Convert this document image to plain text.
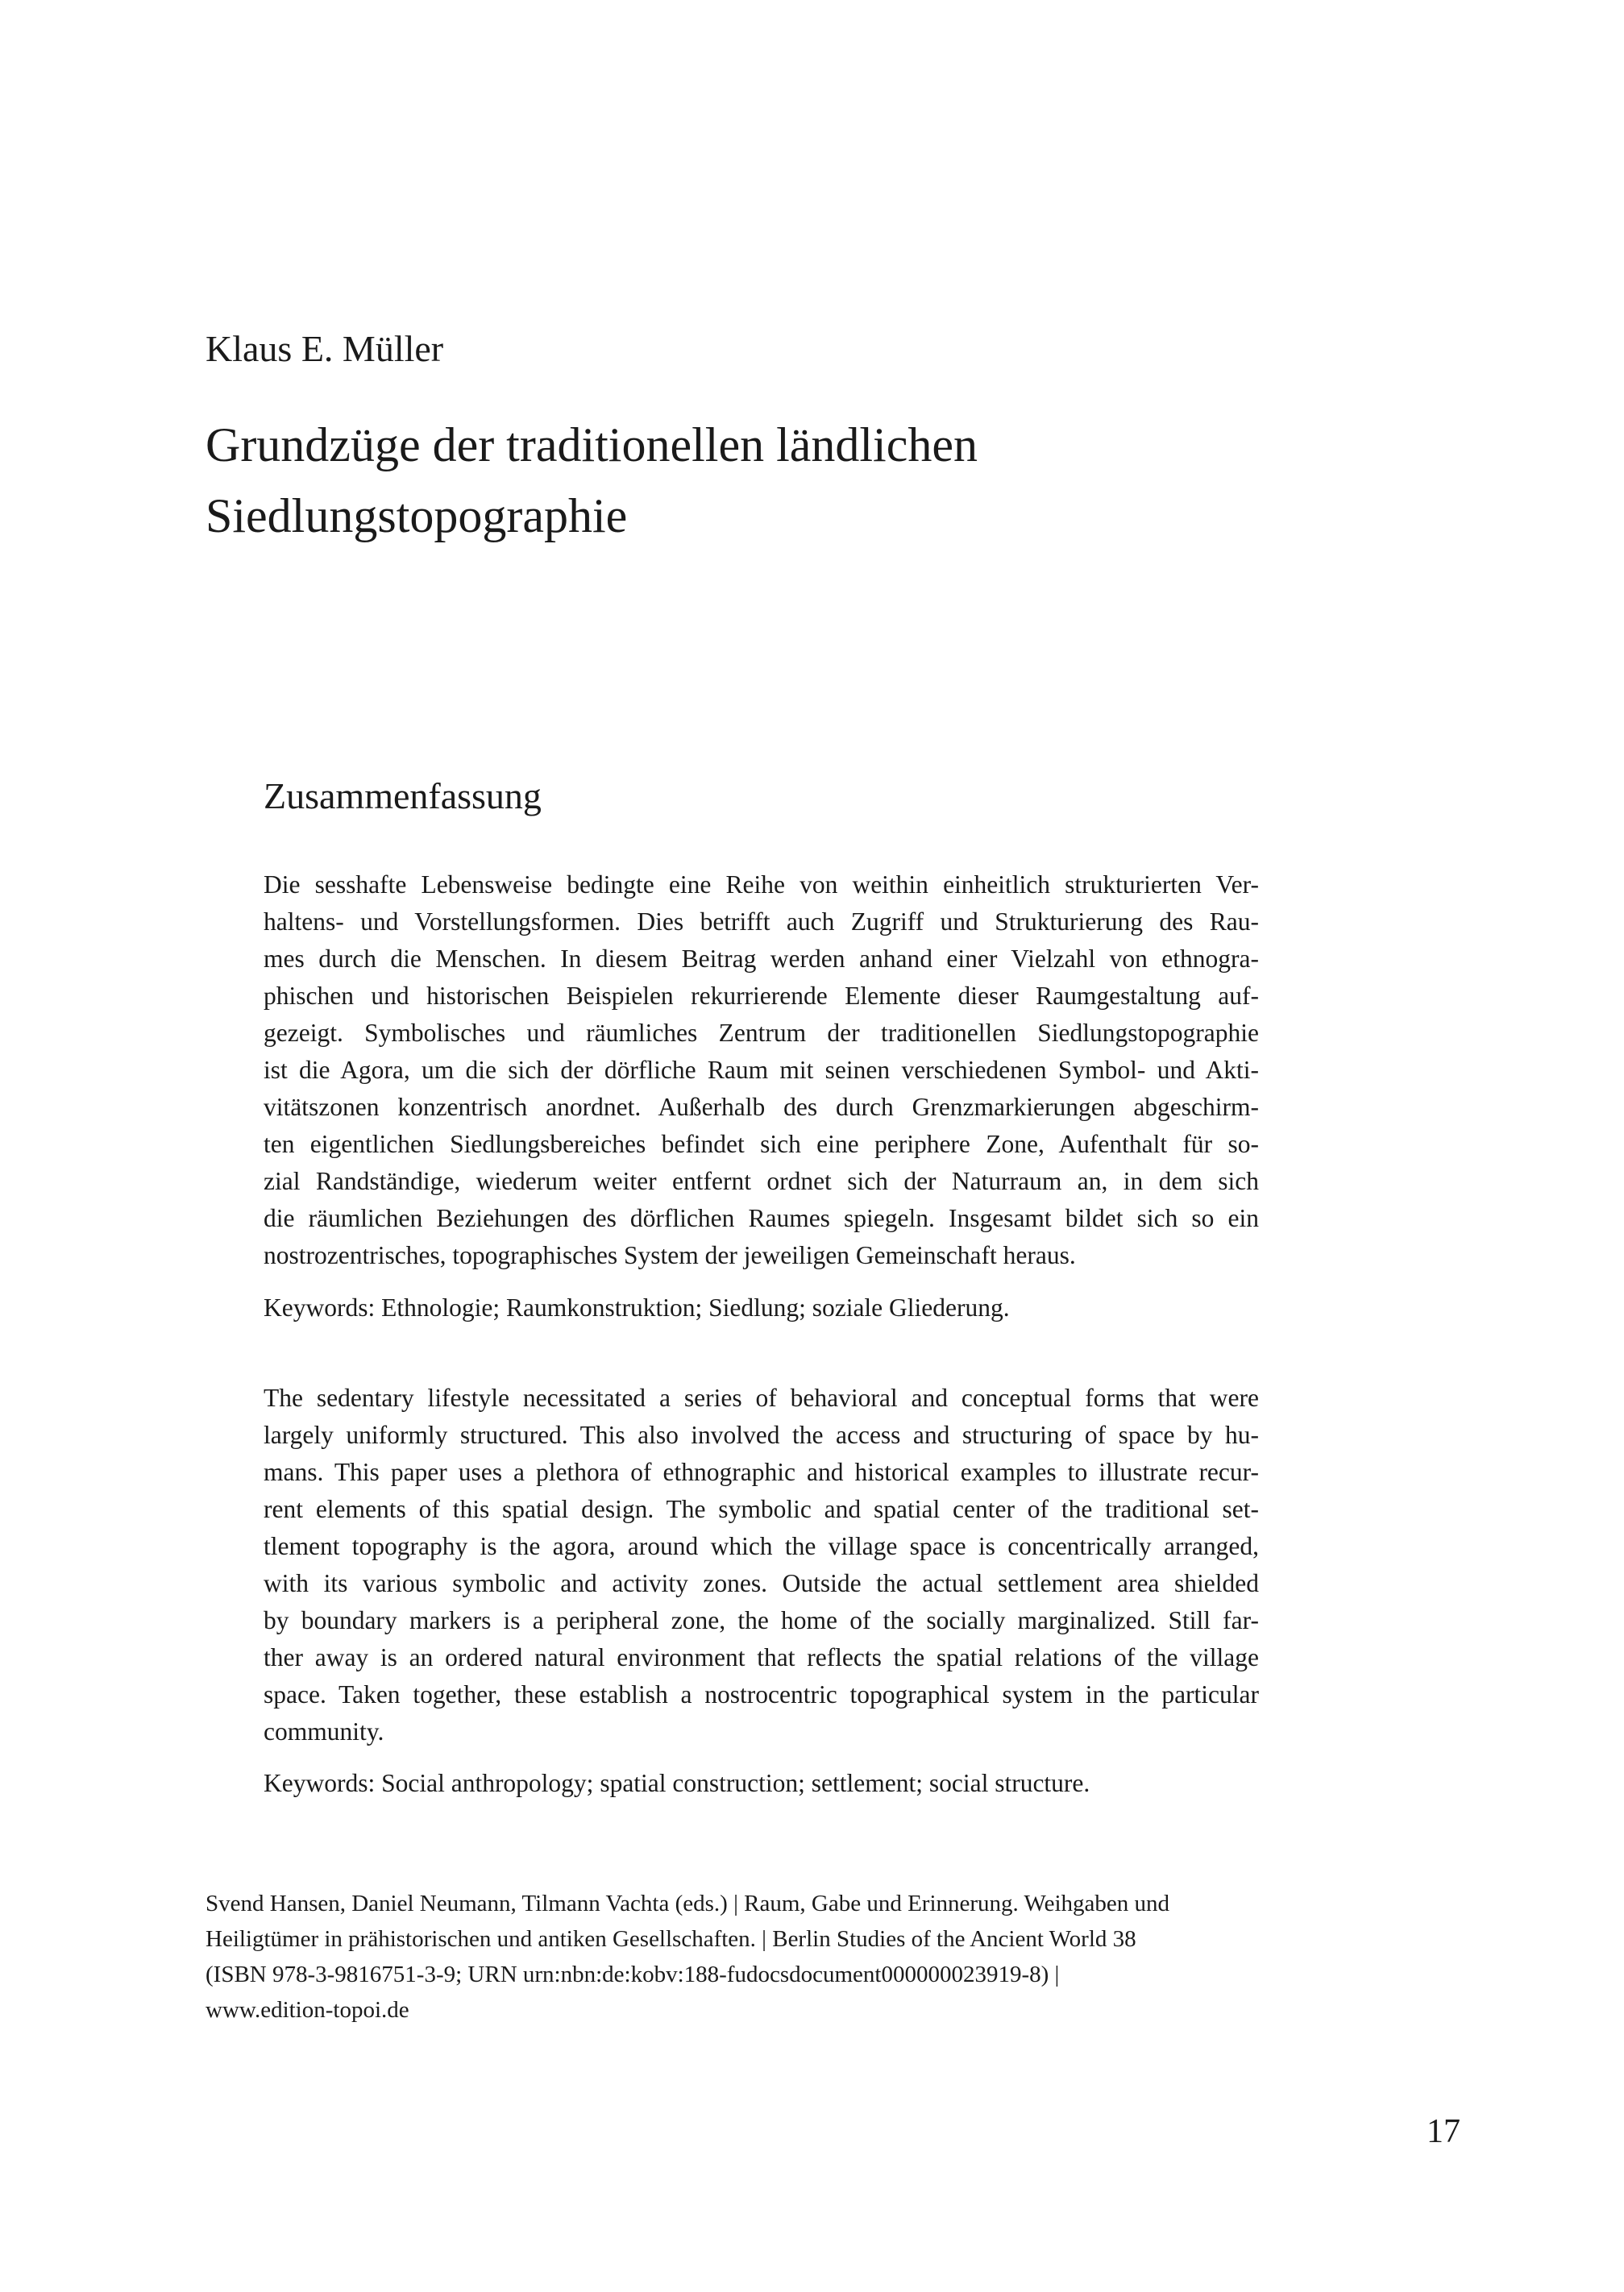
Klaus E. Müller

Grundzüge der traditionellen ländlichen
Siedlungstopographie
Zusammenfassung

Die sesshafte Lebensweise bedingte eine Reihe von weithin einheitlich strukturierten Ver-
haltens- und Vorstellungsformen. Dies betrifft auch Zugriff und Strukturierung des Rau-
mes durch die Menschen. In diesem Beitrag werden anhand einer Vielzahl von ethnogra-
phischen und historischen Beispielen rekurrierende Elemente dieser Raumgestaltung auf-
gezeigt. Symbolisches und räumliches Zentrum der traditionellen Siedlungstopographie
ist die Agora, um die sich der dörfliche Raum mit seinen verschiedenen Symbol- und Akti-
vitätszonen konzentrisch anordnet. Außerhalb des durch Grenzmarkierungen abgeschirm-
ten eigentlichen Siedlungsbereiches befindet sich eine periphere Zone, Aufenthalt für so-
zial Randständige, wiederum weiter entfernt ordnet sich der Naturraum an, in dem sich
die räumlichen Beziehungen des dörflichen Raumes spiegeln. Insgesamt bildet sich so ein
nostrozentrisches, topographisches System der jeweiligen Gemeinschaft heraus.

Keywords: Ethnologie; Raumkonstruktion; Siedlung; soziale Gliederung.

The sedentary lifestyle necessitated a series of behavioral and conceptual forms that were
largely uniformly structured. This also involved the access and structuring of space by hu-
mans. This paper uses a plethora of ethnographic and historical examples to illustrate recur-
rent elements of this spatial design. The symbolic and spatial center of the traditional set-
tlement topography is the agora, around which the village space is concentrically arranged,
with its various symbolic and activity zones. Outside the actual settlement area shielded
by boundary markers is a peripheral zone, the home of the socially marginalized. Still far-
ther away is an ordered natural environment that reflects the spatial relations of the village
space. Taken together, these establish a nostrocentric topographical system in the particular
community.

Keywords: Social anthropology; spatial construction; settlement; social structure.

Svend Hansen, Daniel Neumann, Tilmann Vachta (eds.) | Raum, Gabe und Erinnerung. Weihgaben und
Heiligtümer in prähistorischen und antiken Gesellschaften. | Berlin Studies of the Ancient World 38
(ISBN 978-3-9816751-3-9; URN urn:nbn:de:kobv:188-fudocsdocument000000023919-8) |
www.edition-topoi.de

17
